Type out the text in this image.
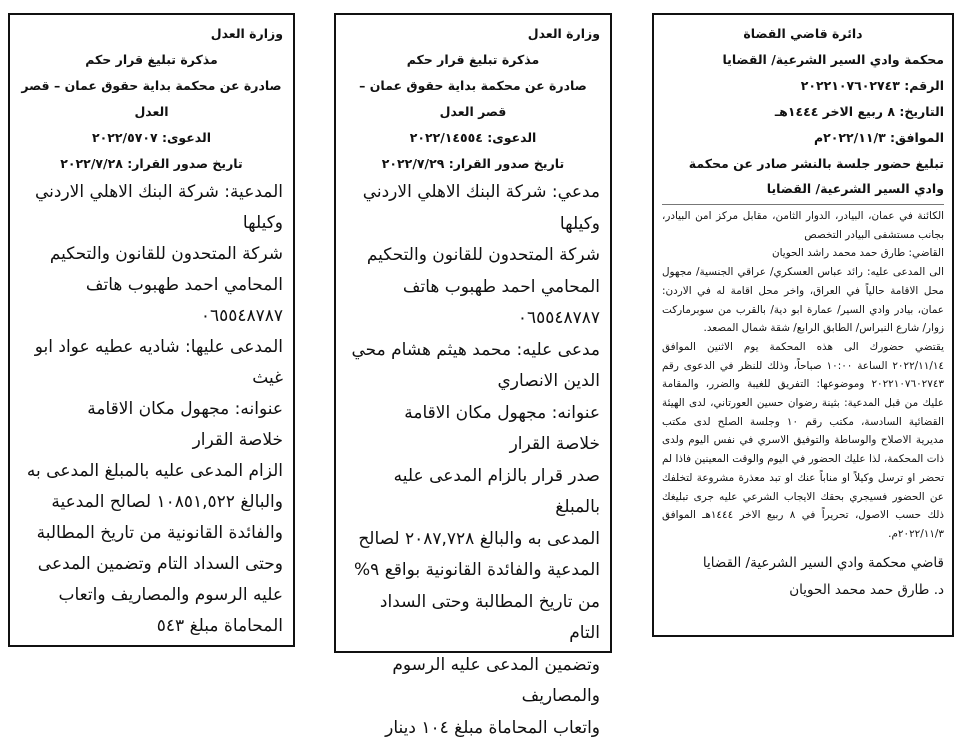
وزارة العدل
مذكرة تبليغ قرار حكم
صادرة عن محكمة بداية حقوق عمان – قصر العدل
الدعوى: ٢٠٢٢/٥٧٠٧
تاريخ صدور القرار: ٢٠٢٢/٧/٢٨
المدعية: شركة البنك الاهلي الاردني
وكيلها
شركة المتحدون للقانون والتحكيم
المحامي احمد طهبوب هاتف
٠٦٥٥٤٨٧٨٧
المدعى عليها: شاديه عطيه عواد ابو
غيث
عنوانه: مجهول مكان الاقامة
خلاصة القرار
الزام المدعى عليه بالمبلغ المدعى به
والبالغ ١٠٨٥١,٥٢٢ لصالح المدعية
والفائدة القانونية من تاريخ المطالبة
وحتى السداد التام وتضمين المدعى
عليه الرسوم والمصاريف واتعاب
المحاماة مبلغ ٥٤٣
وزارة العدل
مذكرة تبليغ قرار حكم
صادرة عن محكمة بداية حقوق عمان – قصر العدل
الدعوى: ٢٠٢٢/١٤٥٥٤
تاريخ صدور القرار: ٢٠٢٢/٧/٢٩
مدعي: شركة البنك الاهلي الاردني
وكيلها
شركة المتحدون للقانون والتحكيم
المحامي احمد طهبوب هاتف ٠٦٥٥٤٨٧٨٧
مدعى عليه: محمد هيثم هشام محي
الدين الانصاري
عنوانه: مجهول مكان الاقامة
خلاصة القرار
صدر قرار بالزام المدعى عليه بالمبلغ
المدعى به والبالغ ٢٠٨٧,٧٢٨ لصالح
المدعية والفائدة القانونية بواقع ٩%
من تاريخ المطالبة وحتى السداد التام
وتضمين المدعى عليه الرسوم والمصاريف
واتعاب المحاماة مبلغ ١٠٤ دينار
دائرة قاضي القضاة
محكمة وادي السير الشرعية/ القضايا
الرقم: ٢٠٢٢١٠٧٦٠٢٧٤٣
التاريخ: ٨ ربيع الاخر ١٤٤٤هـ
الموافق: ٢٠٢٢/١١/٣م
تبليغ حضور جلسة بالنشر صادر عن محكمة وادي السير الشرعية/ القضايا
الكائنة في عمان، البيادر، الدوار الثامن، مقابل مركز امن البيادر، بجانب مستشفى البيادر التخصص
القاضي: طارق حمد محمد راشد الحويان
الى المدعى عليه: رائد عباس العسكري/ عراقي الجنسية/ مجهول محل الاقامة حالياً في العراق، واخر محل اقامة له في الاردن: عمان، بيادر وادي السير/ عمارة ابو دية/ بالقرب من سوبرماركت زوار/ شارع النبراس/ الطابق الرابع/ شقة شمال المصعد.
يقتضي حضورك الى هذه المحكمة يوم الاثنين الموافق ٢٠٢٢/١١/١٤ الساعة ١٠:٠٠ صباحاً، وذلك للنظر في الدعوى رقم ٢٠٢٢١٠٧٦٠٢٧٤٣ وموضوعها: التفريق للغيبة والضرر، والمقامة عليك من قبل المدعية: بثينة رضوان حسين العورتاني، لدى الهيئة القضائية السادسة، مكتب رقم ١٠ وجلسة الصلح لدى مكتب مديرية الاصلاح والوساطة والتوفيق الاسري في نفس اليوم ولدى ذات المحكمة، لذا عليك الحضور في اليوم والوقت المعينين فاذا لم تحضر او ترسل وكيلاً او مناباً عنك او تبد معذرة مشروعة لتخلفك عن الحضور فسيجري بحقك الايجاب الشرعي عليه جرى تبليغك ذلك حسب الاصول، تحريراً في ٨ ربيع الاخر ١٤٤٤هـ الموافق ٢٠٢٢/١١/٣م.
قاضي محكمة وادي السير الشرعية/ القضايا
د. طارق حمد محمد الحويان
